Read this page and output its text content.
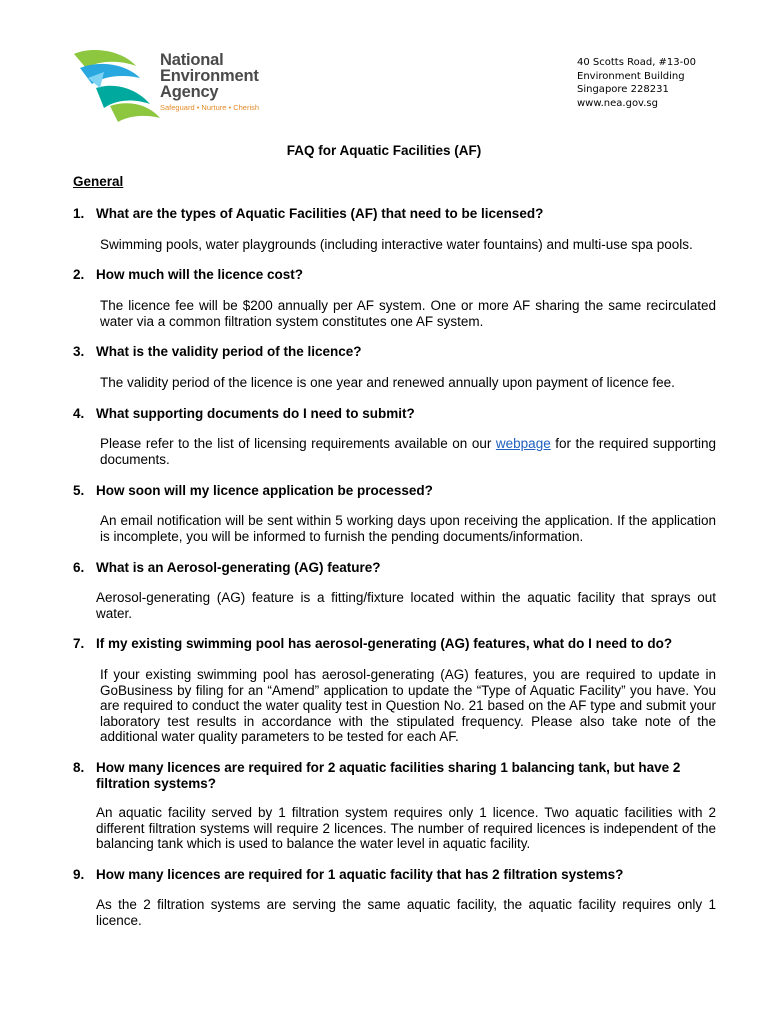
National
Environment
Agency
Safeguard • Nurture • Cherish
40 Scotts Road, #13-00
Environment Building
Singapore 228231
www.nea.gov.sg
FAQ for Aquatic Facilities (AF)
General
1. What are the types of Aquatic Facilities (AF) that need to be licensed?
Swimming pools, water playgrounds (including interactive water fountains) and multi-use spa pools.
2. How much will the licence cost?
The licence fee will be $200 annually per AF system. One or more AF sharing the same recirculated water via a common filtration system constitutes one AF system.
3. What is the validity period of the licence?
The validity period of the licence is one year and renewed annually upon payment of licence fee.
4. What supporting documents do I need to submit?
Please refer to the list of licensing requirements available on our webpage for the required supporting documents.
5. How soon will my licence application be processed?
An email notification will be sent within 5 working days upon receiving the application. If the application is incomplete, you will be informed to furnish the pending documents/information.
6. What is an Aerosol-generating (AG) feature?
Aerosol-generating (AG) feature is a fitting/fixture located within the aquatic facility that sprays out water.
7. If my existing swimming pool has aerosol-generating (AG) features, what do I need to do?
If your existing swimming pool has aerosol-generating (AG) features, you are required to update in GoBusiness by filing for an “Amend” application to update the “Type of Aquatic Facility” you have. You are required to conduct the water quality test in Question No. 21 based on the AF type and submit your laboratory test results in accordance with the stipulated frequency. Please also take note of the additional water quality parameters to be tested for each AF.
8. How many licences are required for 2 aquatic facilities sharing 1 balancing tank, but have 2 filtration systems?
An aquatic facility served by 1 filtration system requires only 1 licence. Two aquatic facilities with 2 different filtration systems will require 2 licences. The number of required licences is independent of the balancing tank which is used to balance the water level in aquatic facility.
9. How many licences are required for 1 aquatic facility that has 2 filtration systems?
As the 2 filtration systems are serving the same aquatic facility, the aquatic facility requires only 1 licence.
